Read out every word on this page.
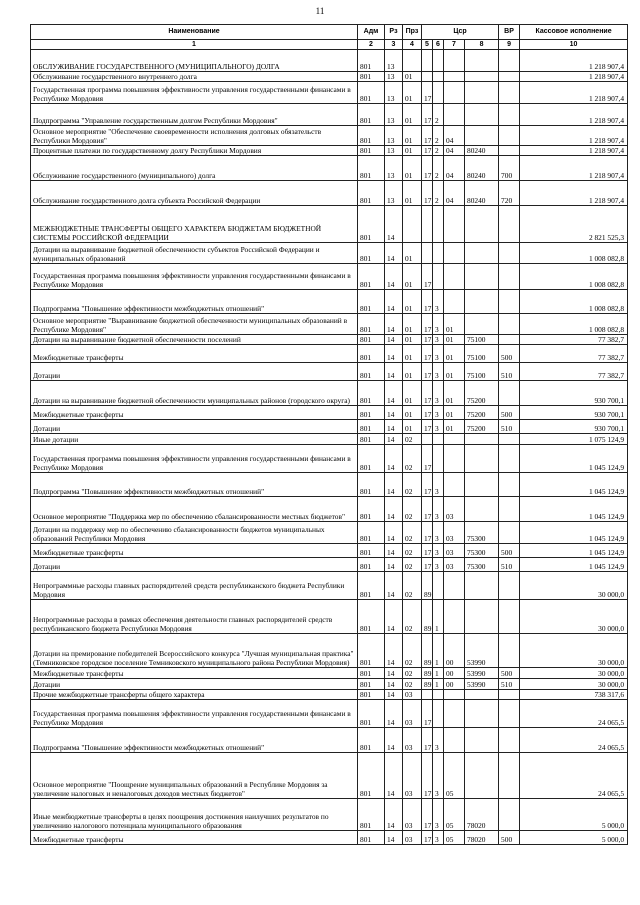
11
Наименование	Адм	Рз	Прз	Цср				ВР	Кассовое исполнение
1	2	3	4	5	6	7	8	9	10
ОБСЛУЖИВАНИЕ ГОСУДАРСТВЕННОГО (МУНИЦИПАЛЬНОГО) ДОЛГА	801	13							1 218 907,4
Обслуживание государственного внутреннего долга	801	13	01						1 218 907,4
Государственная программа повышения эффективности управления государственными финансами в Республике Мордовия	801	13	01	17					1 218 907,4
Подпрограмма "Управление государственным долгом Республики Мордовия"	801	13	01	17	2				1 218 907,4
Основное мероприятие "Обеспечение своевременности исполнения долговых обязательств Республики Мордовия"	801	13	01	17	2	04			1 218 907,4
Процентные платежи по государственному долгу Республики Мордовия	801	13	01	17	2	04	80240		1 218 907,4
Обслуживание государственного (муниципального) долга	801	13	01	17	2	04	80240	700	1 218 907,4
Обслуживание государственного долга субъекта Российской Федерации	801	13	01	17	2	04	80240	720	1 218 907,4
МЕЖБЮДЖЕТНЫЕ ТРАНСФЕРТЫ ОБЩЕГО ХАРАКТЕРА БЮДЖЕТАМ БЮДЖЕТНОЙ СИСТЕМЫ РОССИЙСКОЙ ФЕДЕРАЦИИ	801	14							2 821 525,3
Дотации на выравнивание бюджетной обеспеченности субъектов Российской Федерации и муниципальных образований	801	14	01						1 008 082,8
Государственная программа повышения эффективности управления государственными финансами в Республике Мордовия	801	14	01	17					1 008 082,8
Подпрограмма "Повышение эффективности межбюджетных отношений"	801	14	01	17	3				1 008 082,8
Основное мероприятие "Выравнивание бюджетной обеспеченности муниципальных образований в Республике Мордовия"	801	14	01	17	3	01			1 008 082,8
Дотации на выравнивание бюджетной обеспеченности поселений	801	14	01	17	3	01	75100		77 382,7
Межбюджетные трансферты	801	14	01	17	3	01	75100	500	77 382,7
Дотации	801	14	01	17	3	01	75100	510	77 382,7
Дотации на выравнивание бюджетной обеспеченности муниципальных районов (городского округа)	801	14	01	17	3	01	75200		930 700,1
Межбюджетные трансферты	801	14	01	17	3	01	75200	500	930 700,1
Дотации	801	14	01	17	3	01	75200	510	930 700,1
Иные дотации	801	14	02						1 075 124,9
Государственная программа повышения эффективности управления государственными финансами в Республике Мордовия	801	14	02	17					1 045 124,9
Подпрограмма "Повышение эффективности межбюджетных отношений"	801	14	02	17	3				1 045 124,9
Основное мероприятие "Поддержка мер по обеспечению сбалансированности местных бюджетов"	801	14	02	17	3	03			1 045 124,9
Дотации на поддержку мер по обеспечению сбалансированности бюджетов муниципальных образований Республики Мордовия	801	14	02	17	3	03	75300		1 045 124,9
Межбюджетные трансферты	801	14	02	17	3	03	75300	500	1 045 124,9
Дотации	801	14	02	17	3	03	75300	510	1 045 124,9
Непрограммные расходы главных распорядителей средств республиканского бюджета Республики Мордовия	801	14	02	89					30 000,0
Непрограммные расходы в рамках обеспечения деятельности главных распорядителей средств республиканского бюджета Республики Мордовия	801	14	02	89	1				30 000,0
Дотации на премирование победителей Всероссийского конкурса "Лучшая муниципальная практика" (Темниковское городское поселение Темниковского муниципального района Республики Мордовия)	801	14	02	89	1	00	53990		30 000,0
Межбюджетные трансферты	801	14	02	89	1	00	53990	500	30 000,0
Дотации	801	14	02	89	1	00	53990	510	30 000,0
Прочие межбюджетные трансферты общего характера	801	14	03						738 317,6
Государственная программа повышения эффективности управления государственными финансами в Республике Мордовия	801	14	03	17					24 065,5
Подпрограмма "Повышение эффективности межбюджетных отношений"	801	14	03	17	3				24 065,5
Основное мероприятие "Поощрение муниципальных образований в Республике Мордовия за увеличение налоговых и неналоговых доходов местных бюджетов"	801	14	03	17	3	05			24 065,5
Иные межбюджетные трансферты в целях поощрения достижения наилучших результатов по увеличению налогового потенциала муниципального образования	801	14	03	17	3	05	78020		5 000,0
Межбюджетные трансферты	801	14	03	17	3	05	78020	500	5 000,0
